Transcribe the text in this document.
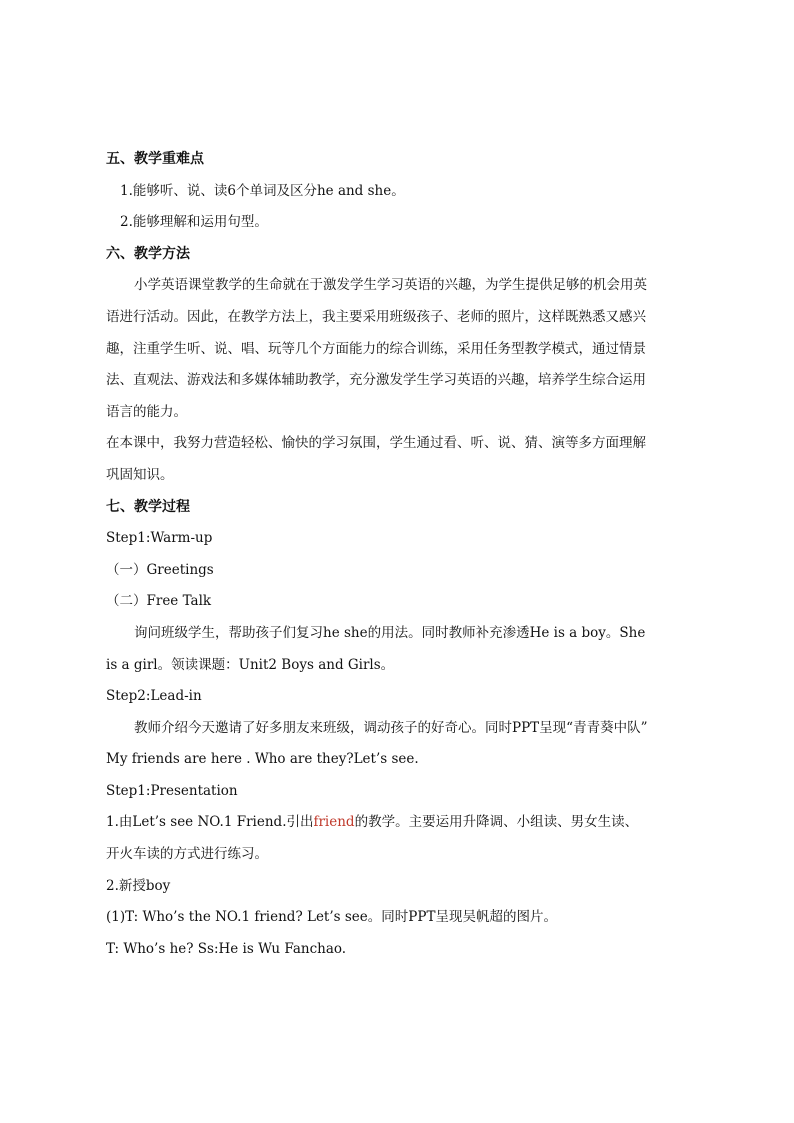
五、教学重难点
1.能够听、说、读6个单词及区分he and she。
2.能够理解和运用句型。
六、教学方法
小学英语课堂教学的生命就在于激发学生学习英语的兴趣，为学生提供足够的机会用英
语进行活动。因此，在教学方法上，我主要采用班级孩子、老师的照片，这样既熟悉又感兴
趣，注重学生听、说、唱、玩等几个方面能力的综合训练，采用任务型教学模式，通过情景
法、直观法、游戏法和多媒体辅助教学，充分激发学生学习英语的兴趣，培养学生综合运用
语言的能力。
在本课中，我努力营造轻松、愉快的学习氛围，学生通过看、听、说、猜、演等多方面理解
巩固知识。
七、教学过程
Step1:Warm-up
（一）Greetings
（二）Free Talk
询问班级学生，帮助孩子们复习he she的用法。同时教师补充渗透He is a boy。She
is a girl。领读课题：Unit2 Boys and Girls。
Step2:Lead-in
教师介绍今天邀请了好多朋友来班级，调动孩子的好奇心。同时PPT呈现“青青葵中队”
My friends are here . Who are they?Let’s see.
Step1:Presentation
1.由Let’s see NO.1 Friend.引出friend的教学。主要运用升降调、小组读、男女生读、
开火车读的方式进行练习。
2.新授boy
(1)T: Who’s the NO.1 friend? Let’s see。同时PPT呈现吴帆超的图片。
T: Who’s he? Ss:He is Wu Fanchao.
